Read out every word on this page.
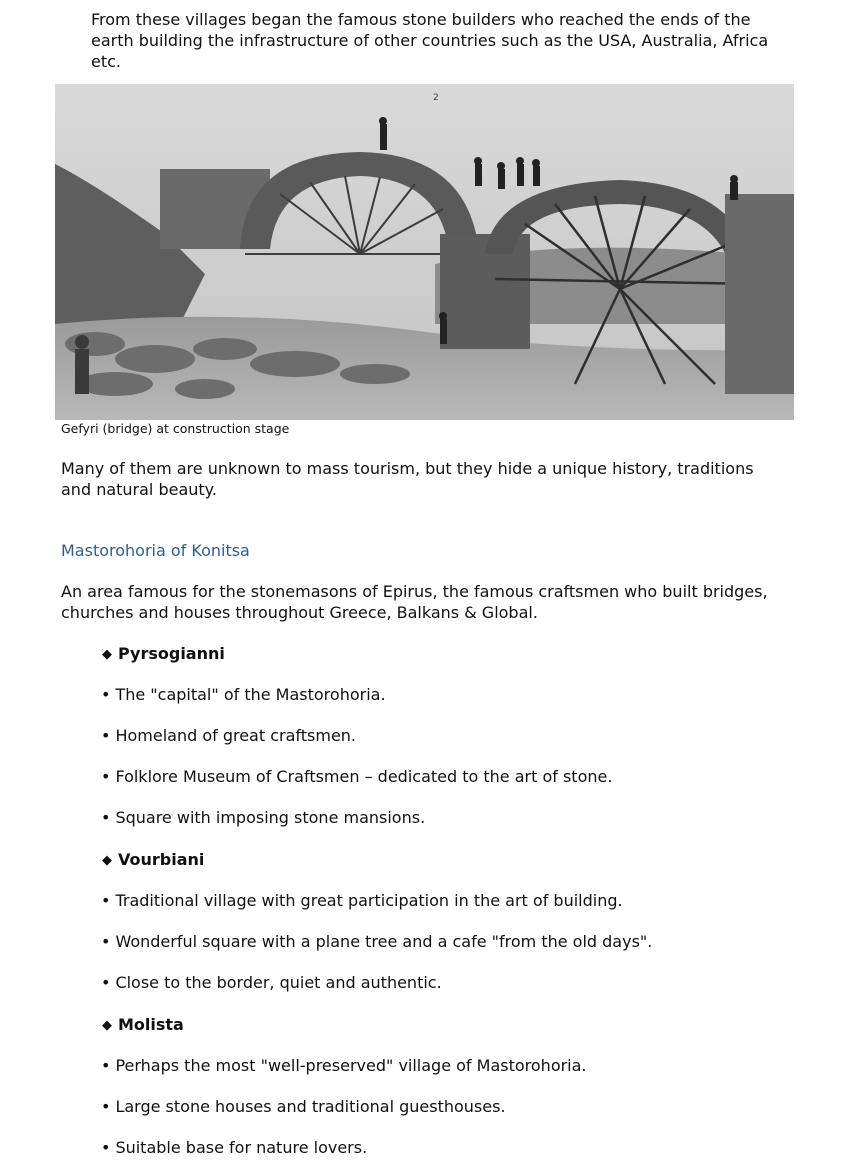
From these villages began the famous stone builders who reached the ends of the earth building the infrastructure of other countries such as the USA, Australia, Africa etc.

2

Gefyri (bridge) at construction stage

Many of them are unknown to mass tourism, but they hide a unique history, traditions and natural beauty.

Mastorohoria of Konitsa

An area famous for the stonemasons of Epirus, the famous craftsmen who built bridges, churches and houses throughout Greece, Balkans & Global.

◆ Pyrsogianni

• The "capital" of the Mastorohoria.

• Homeland of great craftsmen.

• Folklore Museum of Craftsmen – dedicated to the art of stone.

• Square with imposing stone mansions.

◆ Vourbiani

• Traditional village with great participation in the art of building.

• Wonderful square with a plane tree and a cafe "from the old days".

• Close to the border, quiet and authentic.

◆ Molista

• Perhaps the most "well-preserved" village of Mastorohoria.

• Large stone houses and traditional guesthouses.

• Suitable base for nature lovers.
